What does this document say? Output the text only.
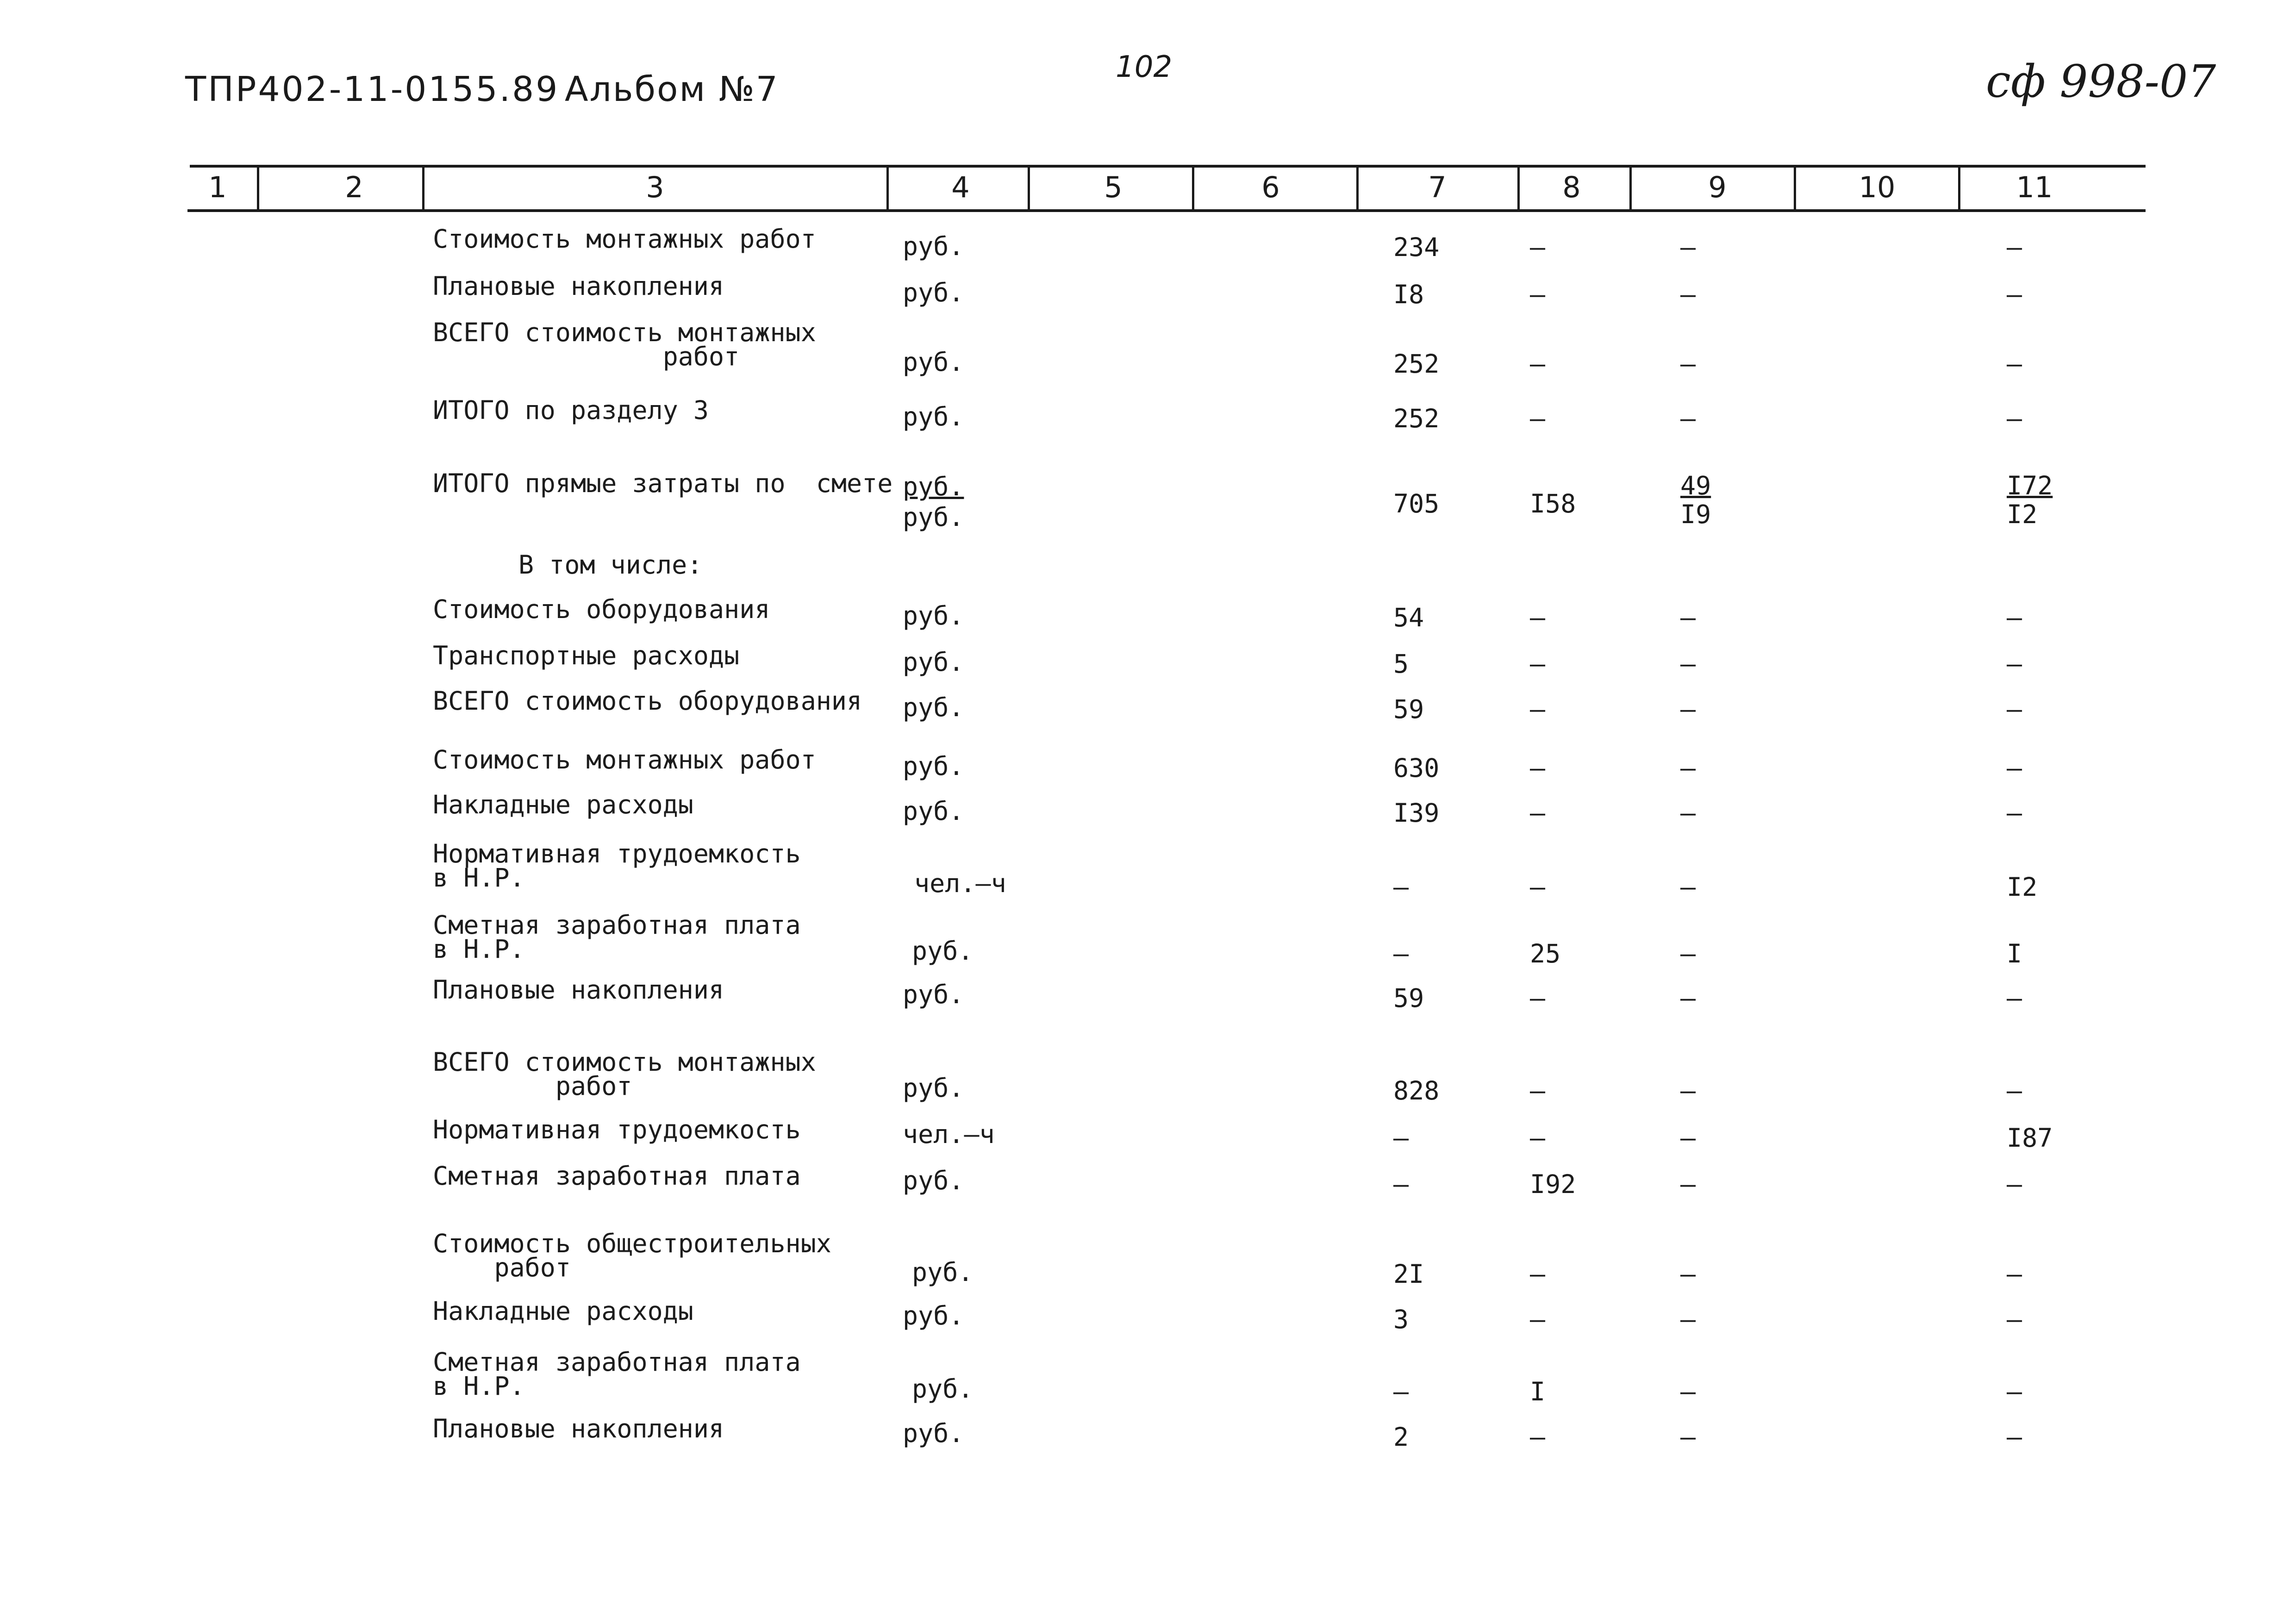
ТПР402-11-0155.89 Альбом №7
102	сф 998-07
1	2	3	4	5	6	7	8	9	10	11
Стоимость монтажных работ	руб.	234	–	–	–
Плановые накопления	руб.	I8	–	–	–
ВСЕГО стоимость монтажных
работ	руб.	252	–	–	–
ИТОГО по разделу 3	руб.	252	–	–	–
ИТОГО прямые затраты по  смете руб.
руб.	705	I58	$\frac{49}{I9}$	$\frac{I72}{I2}$
В том числе:
Стоимость оборудования	руб.	54	–	–	–
Транспортные расходы	руб.	5	–	–	–
ВСЕГО стоимость оборудования руб.	59	–	–	–
Стоимость монтажных работ	руб.	630	–	–	–
Накладные расходы	руб.	I39	–	–	–
Нормативная трудоемкость
в Н.Р.	чел.–ч	–	–	–	I2
Сметная заработная плата
в Н.Р.	руб.	–	25	–	I
Плановые накопления	руб.	59	–	–	–
ВСЕГО стоимость монтажных
работ	руб.	828	–	–	–
Нормативная трудоемкость	чел.–ч	–	–	–	I87
Сметная заработная плата	руб.	–	I92	–	–
Стоимость общестроительных
работ	руб.	2I	–	–	–
Накладные расходы	руб.	3	–	–	–
Сметная заработная плата
в Н.Р.	руб.	–	I	–	–
Плановые накопления	руб.	2	–	–	–
